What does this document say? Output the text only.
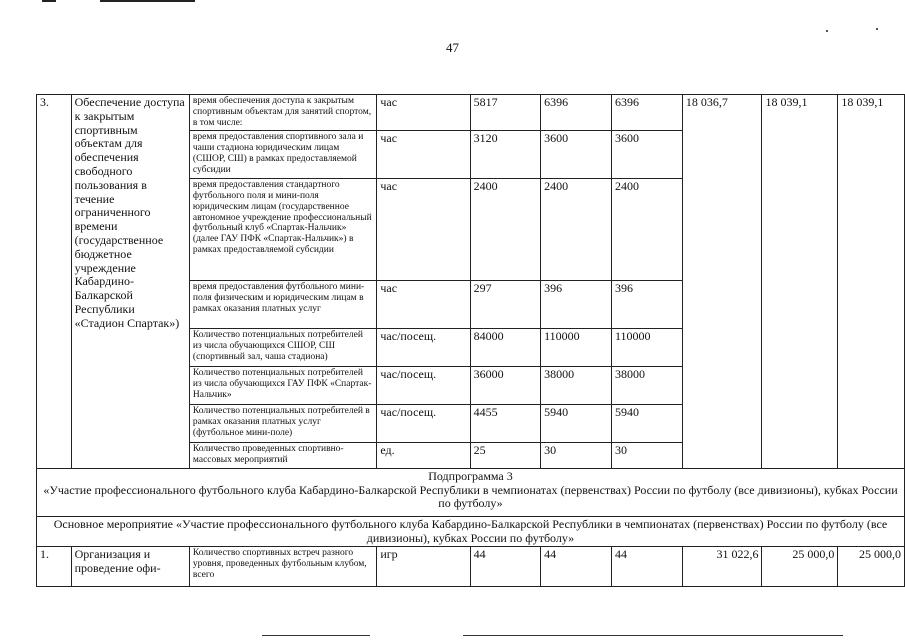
47
3.	Обеспечение доступа к закрытым спортивным объектам для обеспечения свободного пользования в течение ограниченного времени (государственное бюджетное учреждение Кабардино-Балкарской Республики «Стадион Спартак»)	время обеспечения доступа к закрытым спортивным объектам для занятий спортом, в том числе:	час	5817	6396	6396	18 036,7	18 039,1	18 039,1
		время предоставления спортивного зала и чаши стадиона юридическим лицам (СШОР, СШ) в рамках предоставляемой субсидии	час	3120	3600	3600			
		время предоставления стандартного футбольного поля и мини-поля юридическим лицам (государственное автономное учреждение профессиональный футбольный клуб «Спартак-Нальчик» (далее ГАУ ПФК «Спартак-Нальчик») в рамках предоставляемой субсидии	час	2400	2400	2400			
		время предоставления футбольного мини-поля физическим и юридическим лицам в рамках оказания платных услуг	час	297	396	396			
		Количество потенциальных потребителей из числа обучающихся СШОР, СШ (спортивный зал, чаша стадиона)	час/посещ.	84000	110000	110000			
		Количество потенциальных потребителей из числа обучающихся ГАУ ПФК «Спартак-Нальчик»	час/посещ.	36000	38000	38000			
		Количество потенциальных потребителей в рамках оказания платных услуг (футбольное мини-поле)	час/посещ.	4455	5940	5940			
		Количество проведенных спортивно-массовых мероприятий	ед.	25	30	30			

Подпрограмма 3
«Участие профессионального футбольного клуба Кабардино-Балкарской Республики в чемпионатах (первенствах) России по футболу (все дивизионы), кубках России по футболу»									

Основное мероприятие «Участие профессионального футбольного клуба Кабардино-Балкарской Республики в чемпионатах (первенствах) России по футболу (все дивизионы), кубках России по футболу»									
1.	Организация и проведение офи-	Количество спортивных встреч разного уровня, проведенных футбольным клубом, всего	игр	44	44	44	31 022,6	25 000,0	25 000,0
